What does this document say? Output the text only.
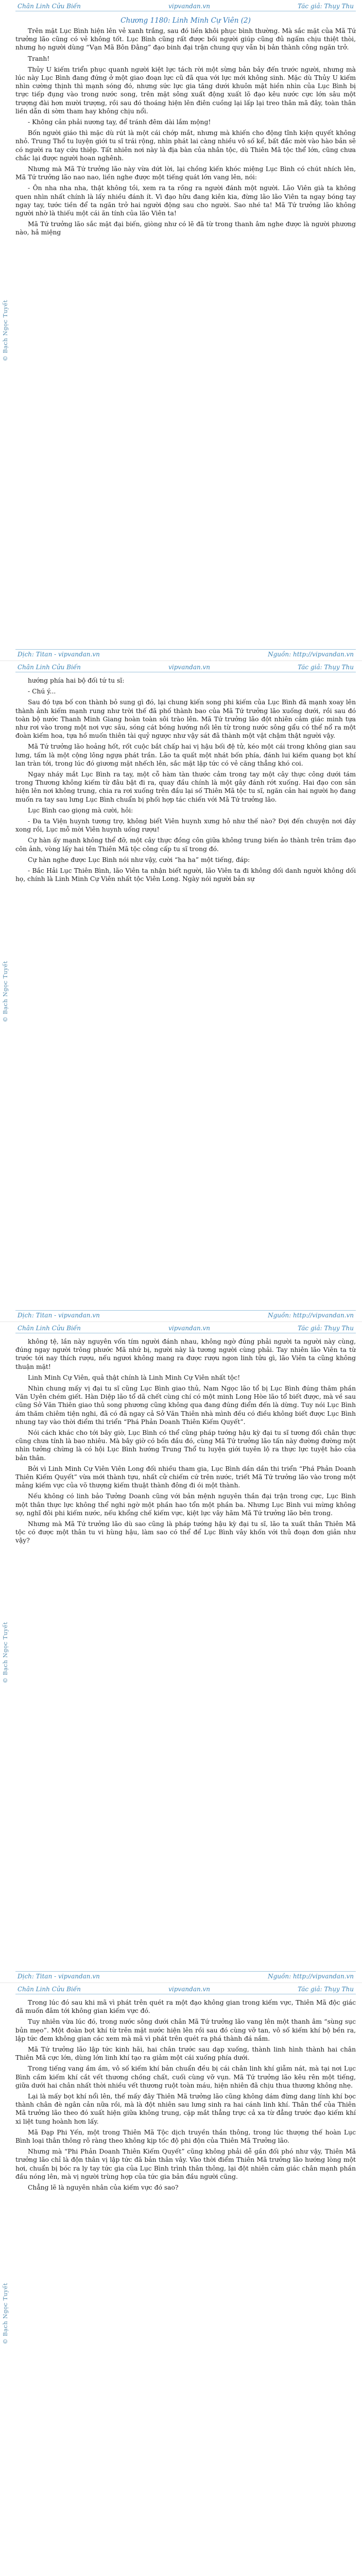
© Bạch Ngọc Tuyết
Chân Linh Cửu Biến	vipvandan.vn	Tác giả: Thụy Thu
Chương 1180: Linh Minh Cự Viên (2)

Trên mặt Lục Bình hiện lên vẻ xanh trắng, sau đó liền khôi phục bình thường. Mà sắc mặt của Mã Tứ trưởng lão cũng có vẻ không tốt. Lục Bình cũng rất được bồi người giúp cũng đủ ngấm chịu thiệt thòi, nhưng họ người dùng “Vạn Mã Bôn Đằng” đạo binh đại trận chung quy vẫn bị bản thành công ngăn trở.

Tranh!

Thủy U kiếm triển phục quanh người kiệt lực tách rời một sừng bản bảy đến trước người, nhưng mà lúc này Lục Bình đang đứng ở một giao đoạn lực cũ đã qua với lực mới không sinh. Mặc dù Thủy U kiếm nhìn cường thịnh thì mạnh sóng đó, nhưng sức lực gia tăng dưới khuôn mặt hiền nhìn của Lục Bình bị trực tiếp đụng vào trong nước song, trên mặt sông xuất động xuất lõ đạo kêu nước cực lớn sâu một trượng đài hơn mười trượng, rồi sau đó thoáng hiện lên điên cuồng lại lấp lại treo thân mã đây, toàn thân liền dẫn di sờm tham hay không chịu nổi.

- Không cản phải nương tay, để tránh đêm dài lắm mộng!

Bốn người giáo thì mặc dù rút là một cái chớp mắt, nhưng mà khiến cho động tĩnh kiện quyết không nhỏ. Trung Thổ tu luyện giới tu sĩ trái rộng, nhìn phát lai càng nhiều vô số kể, bất đắc mời vào hào bản sẽ có người ra tay cứu thiệp. Tất nhiên nơi này là địa bàn của nhân tộc, dù Thiên Mã tộc thể lớn, cũng chưa chắc lại được người hoan nghênh.

Nhưng mà Mã Tứ trưởng lão này vừa dứt lời, lại chồng kiến khóc miệng Lục Bình có chút nhích lên, Mã Tứ trưởng lão nao nao, liền nghe được một tiếng quát lớn vang lên, nói:

- Ôn nha nha nha, thật không tồi, xem ra ta rồng ra người đánh một người. Lão Viên già ta không quen nhìn nhất chính là lấy nhiều đánh ít. Vì đạo hữu đang kiên kia, đừng lão lão Viên ta ngay bóng tay ngay tay, tước tiền để ta ngăn trở hai người động sau cho người. Sao nhé ta! Mã Tứ trưởng lão không người nhờ là thiếu một cái ăn tính của lão Viên ta!

Mã Tứ trưởng lão sắc mặt đại biến, giòng như có lẽ đã từ trong thanh âm nghe được là người phương nào, hả miệng

Dịch: Titan - vipvandan.vn	Nguồn: http://vipvandan.vn
© Bạch Ngọc Tuyết
Chân Linh Cửu Biến	vipvandan.vn	Tác giả: Thụy Thu

hướng phía hai bộ đối tứ tu sĩ:

- Chú ý...

Sau đó tựa bố con thành bỏ sung gì đó, lại chung kiến song phi kiếm của Lục Bình đã mạnh xoay lên thành ảnh kiếm mạnh rung như trời thế đã phố thành bao của Mã Tứ trưởng lão xuống dưới, rồi sau đó toàn bộ nước Thanh Minh Giang hoàn toàn sôi trào lên. Mã Tứ trưởng lão đột nhiên cảm giác minh tựa như rơi vào trong một nơi vực sâu, sóng cát bóng hướng nổi lên từ trong nước sông gẩu có thể nổ ra một đoàn kiếm hoa, tựa hồ muốn thiên tài quỷ ngược như vậy sát đã thành một vật chậm thật người vậy.

Mã Tứ trưởng lão hoảng hốt, rốt cuộc bắt chấp hai vị hậu bối đệ tử, kéo một cái trong không gian sau lưng, tấm là một cộng lông ngựa phát trần. Lão ta quất một nhát bốn phía, đánh lui kiếm quang bọt khí lan tràn tới, trong lúc đó giương mặt nhếch lên, sắc mặt lập tức có vẻ căng thẳng khó coi.

Ngay nháy mắt Lục Bình ra tay, một cỗ hàm tàn thước cảm trong tay một cây thực công dưới tám trong Thương không kiếm từ đâu bật đi ra, quay đầu chính là một gây đánh rớt xuống. Hai đạo con sản hiện lên nơi không trung, chia ra rơi xuống trên đầu lại số Thiên Mã tộc tu sĩ, ngăn cản hai người họ đang muốn ra tay sau lưng Lục Bình chuẩn bị phối hợp tác chiến với Mã Tứ trưởng lão.

Lục Bình cao giọng mà cười, hỏi:

- Đa ta Viện huynh tương trợ, không biết Viên huynh xưng hô như thế nào? Đợi đến chuyện nơi đây xong rồi, Lục mỗ mời Viên huynh uống rượu!

Cự hàn ấy mạnh không thể đỡ, một cây thực đồng côn giữa không trung biến ảo thành trên trăm đạo côn ảnh, vòng lấy hai tên Thiên Mã tộc công cấp tu sĩ trong đó.

Cự hàn nghe được Lục Bình nói như vậy, cười “ha ha” một tiếng, đáp:

- Bắc Hải Lục Thiên Bình, lão Viên ta nhận biết người, lão Viên ta đi không dối danh người không dối họ, chính là Linh Minh Cự Viên nhất tộc Viên Long. Ngày nói người bản sự

Dịch: Titan - vipvandan.vn	Nguồn: http://vipvandan.vn
© Bạch Ngọc Tuyết
Chân Linh Cửu Biến	vipvandan.vn	Tác giả: Thụy Thu

không tệ, lần này nguyên vốn tím người đánh nhau, không ngờ đúng phải người ta người này cùng, đúng ngay người trông phước Mã nhứ bị, người này là tương người cùng phải. Tay nhiên lão Viên ta từ trước tới nay thích rượu, nếu ngươi không mang ra được rượu ngon linh tửu gì, lão Viên ta cũng không thuận mặt!

Linh Minh Cự Viên, quả thật chính là Linh Minh Cự Viên nhất tộc!

Nhìn chung mấy vị đại tu sĩ cũng Lục Bình giao thủ, Nam Ngọc lão tổ bị Lục Bình đúng thăm phần Văn Uyên chém giết. Hàn Diệp lão tổ dã chết cùng chí có một minh Long Hòe lão tổ biết được, mà về sau cũng Sở Văn Thiên giao thủ song phương cũng không qua đang đúng điểm đến là dừng. Tuy nói Lục Bình ám thăm chiêm tiện nghi, đã có đã ngay cả Sở Văn Thiên nhà mình đều có điều không biết được Lục Bình nhung tay vào thời điểm thi triển “Phá Phản Doanh Thiên Kiếm Quyết”.

Nói cách khác cho tới bây giờ, Lục Bình có thể cũng pháp tướng hậu kỳ đại tu sĩ tương đối chân thực cũng chưa tính là bao nhiêu. Mà bây giờ có bốn đầu đó, cùng Mã Tứ trưởng lão tấn này đường đường một nhìn tưởng chừng là có hội Lục Bình hướng Trung Thổ tu luyện giới tuyên lộ ra thực lực tuyệt hảo của bản thân.

Bởi vì Linh Minh Cự Viên Viên Long đối nhiều tham gia, Lục Bình dần dần thi triển “Phá Phản Doanh Thiên Kiếm Quyết” vừa mới thành tựu, nhất cử chiếm cứ trên nước, triết Mã Tứ trưởng lão vào trong một mảng kiếm vực của võ thượng kiếm thuật thành đông đi ói một thành.

Nếu không có linh bảo Tưởng Doanh cũng với bản mệnh nguyên thần đại trận trong cực, Lục Bình một thân thực lực không thể nghi ngờ một phần hao tổn một phần ba. Nhưng Lục Bình vui mừng không sợ, nghĩ đôi phi kiếm nước, nếu khổng chế kiếm vực, kiệt lực vây hãm Mã Tứ trưởng lão bên trong.

Nhưng mà Mã Tứ trưởng lão dù sao cũng là pháp tướng hậu kỳ đại tu sĩ, lão ta xuất thân Thiên Mã tộc có được một thân tu vi hùng hậu, làm sao có thể để Lục Bình vây khốn với thủ đoạn đơn giản như vậy?

Dịch: Titan - vipvandan.vn	Nguồn: http://vipvandan.vn
© Bạch Ngọc Tuyết
Chân Linh Cửu Biến	vipvandan.vn	Tác giả: Thụy Thu

Trong lúc đó sau khi mã vì phát trên quét ra một đạo không gian trong kiếm vực, Thiên Mã độc giác đã muốn đâm tới không gian kiếm vực đó.

Tuy nhiên vừa lúc đó, trong nước sông dưới chân Mã Tứ trưởng lão vang lên một thanh âm “sùng sục bủn mẹo”. Một đoàn bọt khí từ trên mặt nước hiện lên rồi sau đó cùng vỡ tan, vô số kiếm khí bộ bền ra, lập tức đem không gian các xem mà mã vì phát trên quét ra phá thành đá nắm.

Mã Tứ trưởng lão lập tức kinh hãi, hai chân trước sau dạp xuống, thành linh hình thành hai chân Thiên Mã cực lớn, dùng lớn linh khí tạo ra giảm một cái xuống phía dưới.

Trong tiếng vang ầm ầm, vô số kiếm khí bản chuẩn đều bị cái chân linh khí giẫm nát, mà tại nơi Lục Bình cầm kiếm khí cắt vết thương chồng chất, cuối cùng vỡ vụn. Mã Tứ trưởng lão kêu rên một tiếng, giữa dưới hai chân nhất thời nhiều vết thương ruột toàn máu, hiện nhiên đã chịu thua thương không nhẹ.

Lại là mấy bọt khí nổi lên, thế mấy đây Thiên Mã trưởng lão cũng không dám đừng dang lính khí bọc thành chân đè ngân cản nữa rồi, mà là đột nhiên sau lưng sinh ra hai cánh linh khí. Thân thể của Thiên Mã trưởng lão theo đó xuất hiện giữa không trung, cặp mắt thẳng trực cả xa từ đẳng trước đạo kiếm khí xi liệt tung hoành hơn lấy.

Mã Đạp Phi Yến, một trong Thiên Mã Tộc dịch truyền thần thông, trong lúc thượng thế hoàn Lục Bình loại thân thông rõ ràng theo không kịp tốc độ phi độn của Thiên Mã Trưởng lão.

Nhưng mà “Phi Phản Doanh Thiên Kiếm Quyết” cũng không phải dễ gần đối phó như vậy, Thiên Mã trưởng lão chỉ là độn thân vị lập tức đã bản thân vây. Vào thời điểm Thiên Mã trưởng lão hướng lòng một hơi, chuẩn bị bóc ra ly tay tức gia của Lục Bình trình thân thông, lại đột nhiên cảm giác chân mạnh phần đầu nóng lên, mà vị người trùng hợp của tức gia bản đầu người cũng.

Chẳng lẽ là nguyên nhân của kiếm vực đó sao?
